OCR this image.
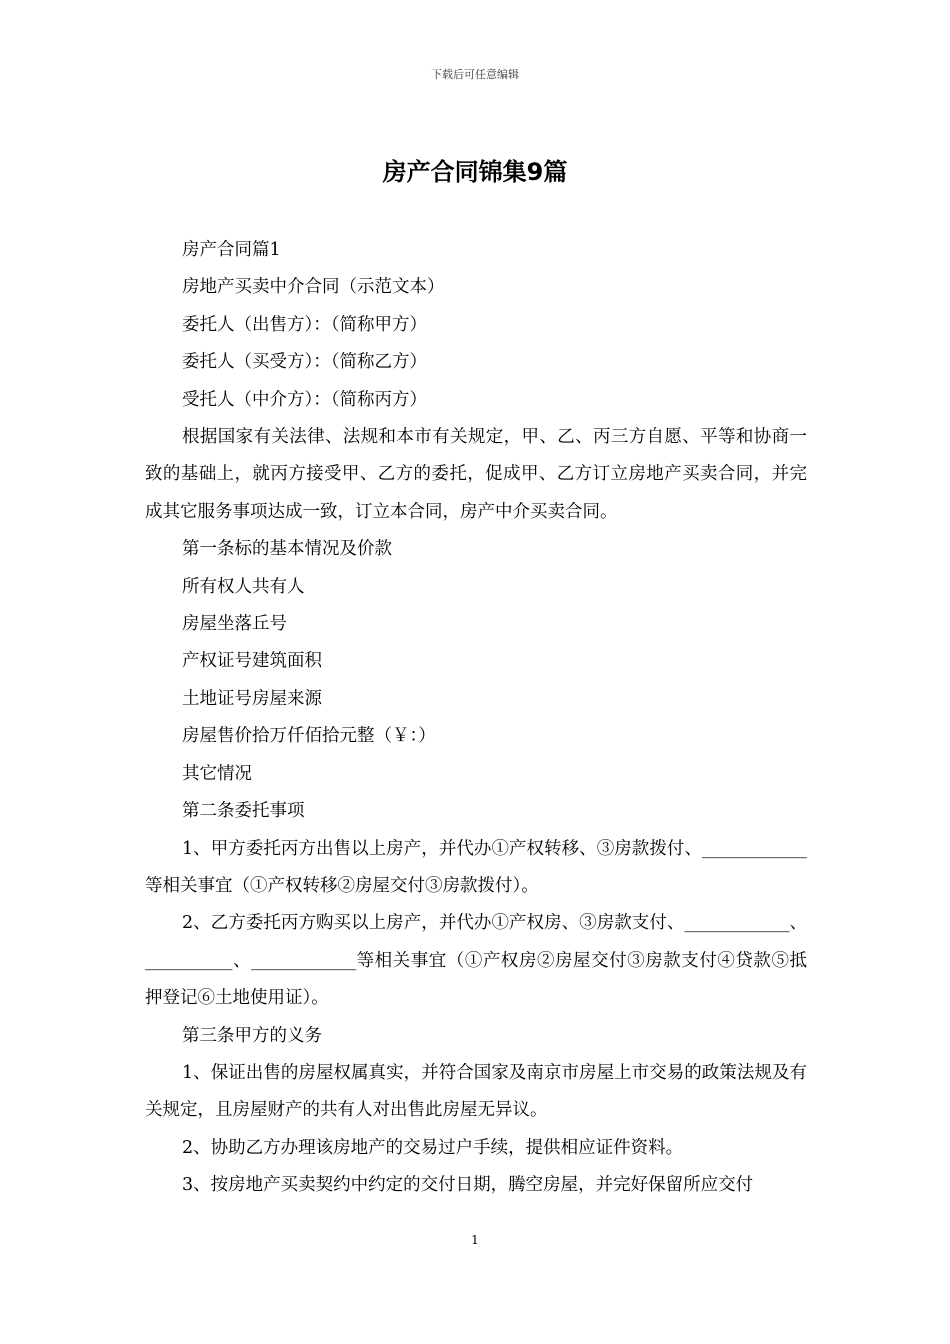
下载后可任意编辑
房产合同锦集9篇

房产合同篇1

房地产买卖中介合同（示范文本）

委托人（出售方）：（简称甲方）

委托人（买受方）：（简称乙方）

受托人（中介方）：（简称丙方）

根据国家有关法律、法规和本市有关规定，甲、乙、丙三方自愿、平等和协商一致的基础上，就丙方接受甲、乙方的委托，促成甲、乙方订立房地产买卖合同，并完成其它服务事项达成一致，订立本合同，房产中介买卖合同。

第一条标的基本情况及价款

所有权人共有人

房屋坐落丘号

产权证号建筑面积

土地证号房屋来源

房屋售价拾万仟佰拾元整（￥：）

其它情况

第二条委托事项

1、甲方委托丙方出售以上房产，并代办①产权转移、③房款拨付、____________等相关事宜（①产权转移②房屋交付③房款拨付）。

2、乙方委托丙方购买以上房产，并代办①产权房、③房款支付、____________、__________、____________等相关事宜（①产权房②房屋交付③房款支付④贷款⑤抵押登记⑥土地使用证）。

第三条甲方的义务

1、保证出售的房屋权属真实，并符合国家及南京市房屋上市交易的政策法规及有关规定，且房屋财产的共有人对出售此房屋无异议。

2、协助乙方办理该房地产的交易过户手续，提供相应证件资料。

3、按房地产买卖契约中约定的交付日期，腾空房屋，并完好保留所应交付

1
